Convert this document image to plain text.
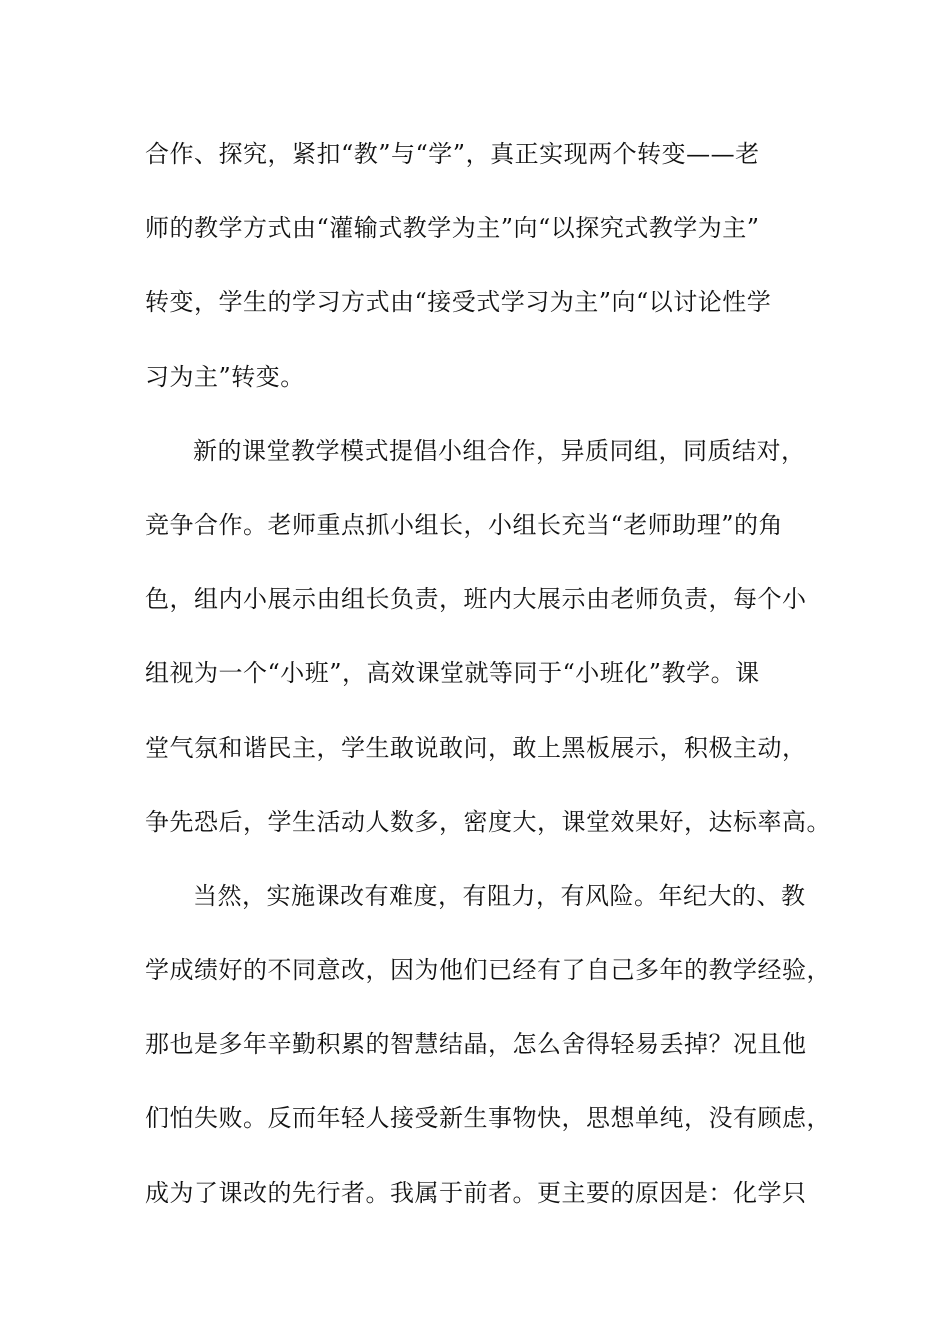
合作、探究，紧扣“教”与“学”，真正实现两个转变——老
师的教学方式由“灌输式教学为主”向“以探究式教学为主”
转变，学生的学习方式由“接受式学习为主”向“以讨论性学
习为主”转变。
新的课堂教学模式提倡小组合作，异质同组，同质结对，
竞争合作。老师重点抓小组长，小组长充当“老师助理”的角
色，组内小展示由组长负责，班内大展示由老师负责，每个小
组视为一个“小班”，高效课堂就等同于“小班化”教学。课
堂气氛和谐民主，学生敢说敢问，敢上黑板展示，积极主动，
争先恐后，学生活动人数多，密度大，课堂效果好，达标率高。
当然，实施课改有难度，有阻力，有风险。年纪大的、教
学成绩好的不同意改，因为他们已经有了自己多年的教学经验，
那也是多年辛勤积累的智慧结晶，怎么舍得轻易丢掉？况且他
们怕失败。反而年轻人接受新生事物快，思想单纯，没有顾虑，
成为了课改的先行者。我属于前者。更主要的原因是：化学只
